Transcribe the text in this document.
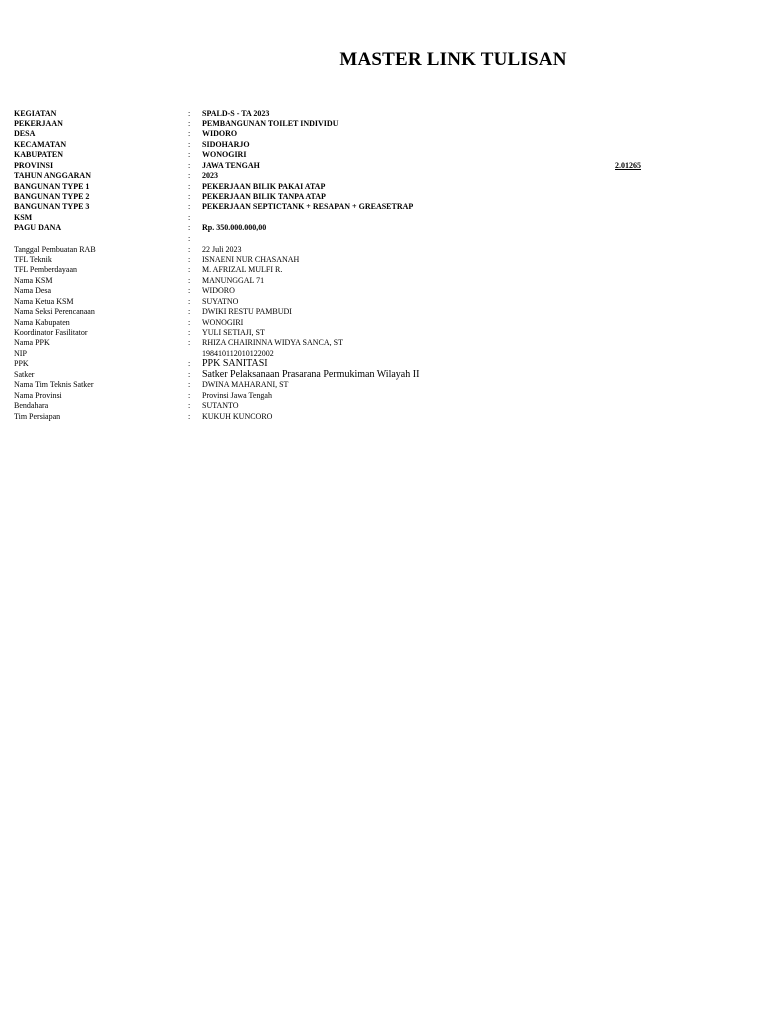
MASTER LINK TULISAN
KEGIATAN	: SPALD-S - TA 2023
PEKERJAAN	: PEMBANGUNAN TOILET INDIVIDU
DESA	: WIDORO
KECAMATAN	: SIDOHARJO
KABUPATEN	: WONOGIRI
PROVINSI	: JAWA TENGAH	2.01265
TAHUN ANGGARAN	: 2023
BANGUNAN TYPE 1	: PEKERJAAN BILIK PAKAI ATAP
BANGUNAN TYPE 2	: PEKERJAAN BILIK TANPA ATAP
BANGUNAN TYPE 3	: PEKERJAAN SEPTICTANK + RESAPAN + GREASETRAP
KSM	:
PAGU DANA	: Rp. 350.000.000,00
:
Tanggal Pembuatan RAB	: 22 Juli 2023
TFL Teknik	: ISNAENI NUR CHASANAH
TFL Pemberdayaan	: M. AFRIZAL MULFI R.
Nama KSM	: MANUNGGAL 71
Nama Desa	: WIDORO
Nama Ketua KSM	: SUYATNO
Nama Seksi Perencanaan	: DWIKI RESTU PAMBUDI
Nama Kabupaten	: WONOGIRI
Koordinator Fasilitator	: YULI SETIAJI, ST
Nama PPK	: RHIZA CHAIRINNA WIDYA SANCA, ST
NIP	198410112010122002
PPK	: PPK SANITASI
Satker	: Satker Pelaksanaan Prasarana Permukiman Wilayah II
Nama Tim Teknis Satker	: DWINA MAHARANI, ST
Nama Provinsi	: Provinsi Jawa Tengah
Bendahara	: SUTANTO
Tim Persiapan	: KUKUH KUNCORO
